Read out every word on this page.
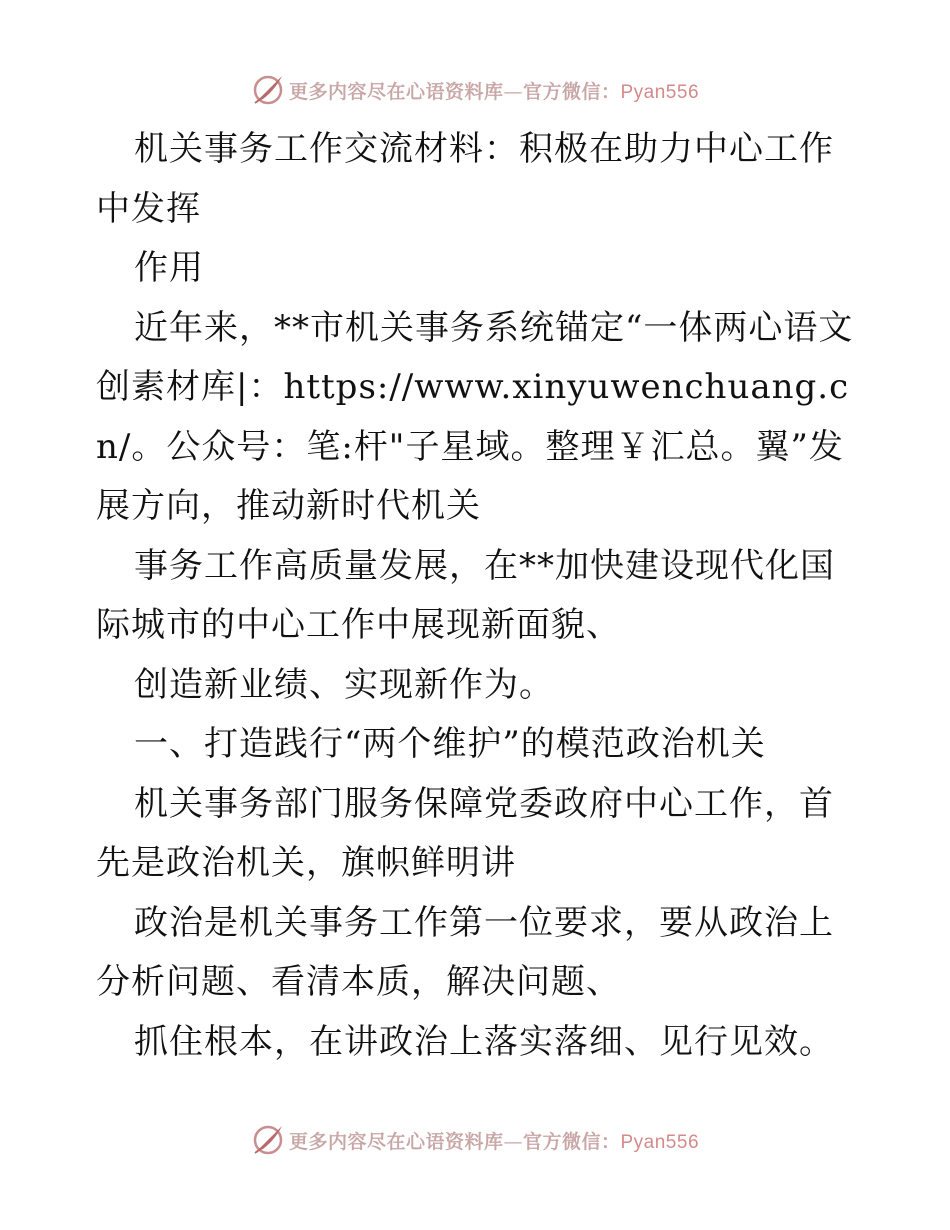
更多内容尽在心语资料库—官方微信：Pyan556

机关事务工作交流材料：积极在助力中心工作中发挥

作用

近年来，**市机关事务系统锚定“一体两心语文创素材库|：https://www.xinyuwenchuang.cn/。公众号：笔:杆"子星域。整理￥汇总。翼”发展方向，推动新时代机关

事务工作高质量发展，在**加快建设现代化国际城市的中心工作中展现新面貌、

创造新业绩、实现新作为。

一、打造践行“两个维护”的模范政治机关

机关事务部门服务保障党委政府中心工作，首先是政治机关，旗帜鲜明讲

政治是机关事务工作第一位要求，要从政治上分析问题、看清本质，解决问题、

抓住根本，在讲政治上落实落细、见行见效。

更多内容尽在心语资料库—官方微信：Pyan556
